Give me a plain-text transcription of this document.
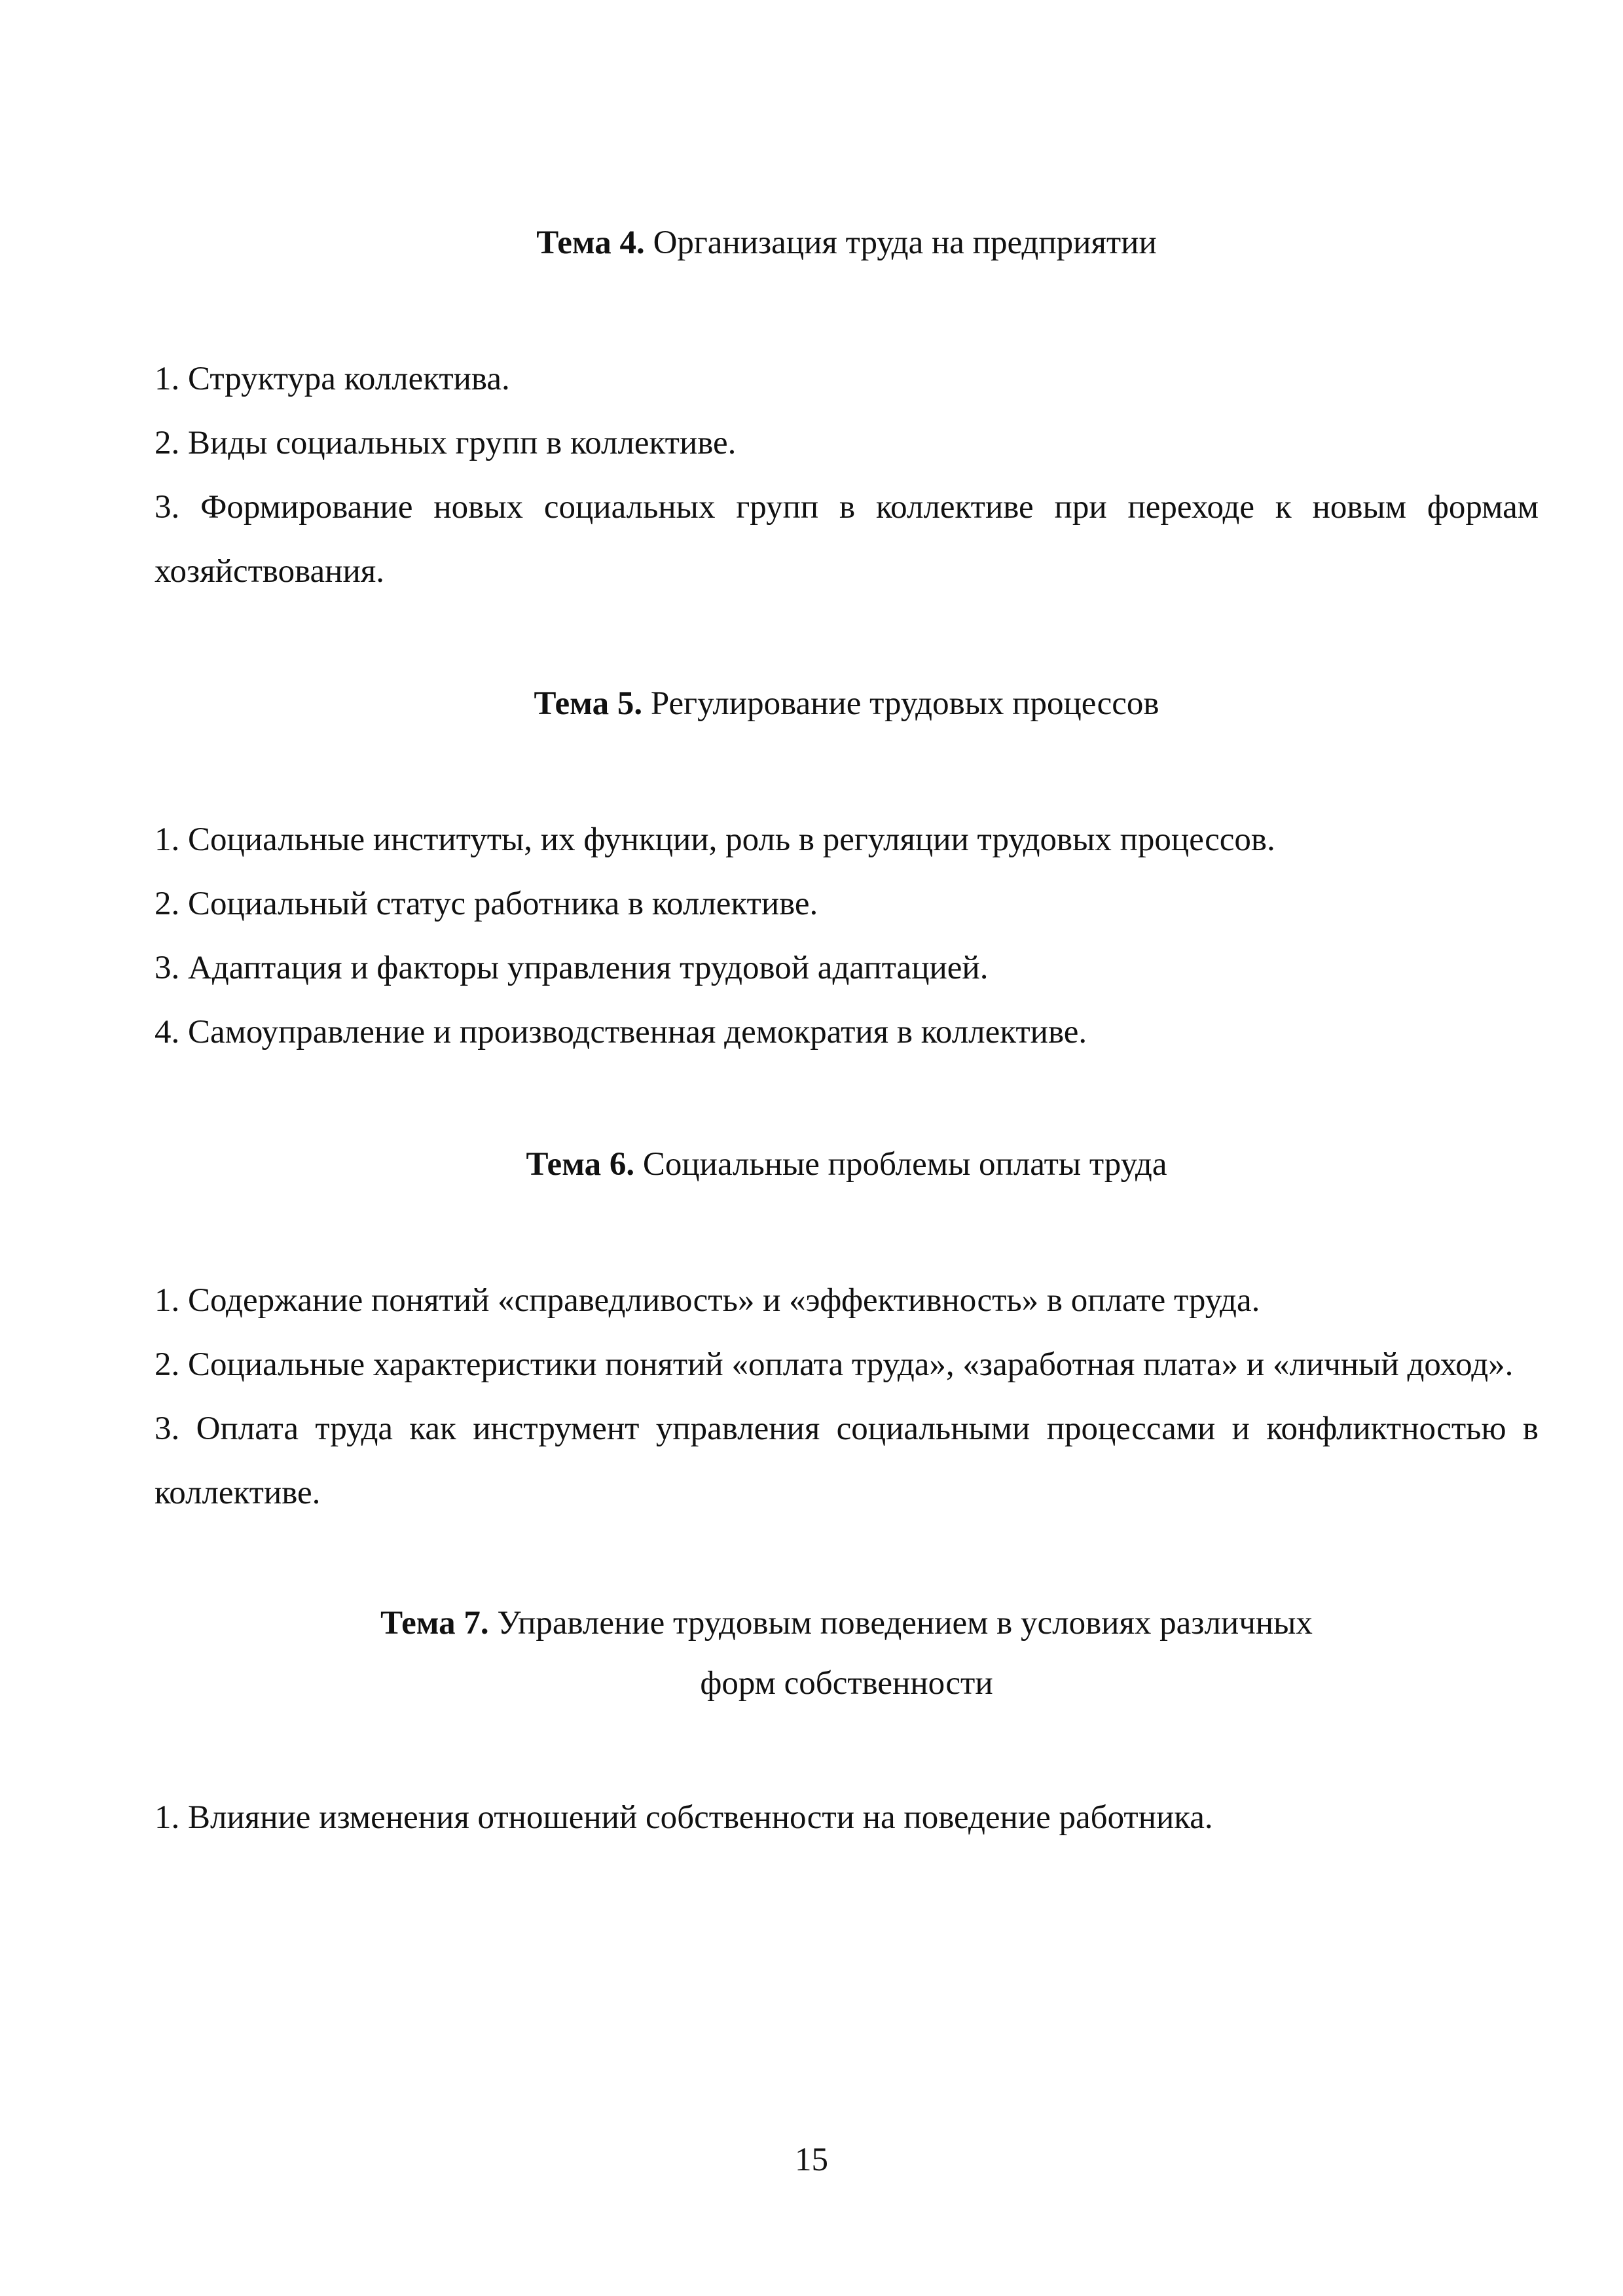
Тема 4. Организация труда на предприятии

1. Структура коллектива.

2. Виды социальных групп в коллективе.

3. Формирование новых социальных групп в коллективе при переходе к новым формам хозяйствования.

Тема 5. Регулирование трудовых процессов

1. Социальные институты, их функции, роль в регуляции трудовых процессов.

2. Социальный статус работника в коллективе.

3. Адаптация и факторы управления трудовой адаптацией.

4. Самоуправление и производственная демократия в коллективе.

Тема 6. Социальные проблемы оплаты труда

1. Содержание понятий «справедливость» и «эффективность» в оплате труда.

2. Социальные характеристики понятий «оплата труда», «заработная плата» и «личный доход».

3. Оплата труда как инструмент управления социальными процессами и конфликтностью в коллективе.

Тема 7. Управление трудовым поведением в условиях различных
форм собственности

1. Влияние изменения отношений собственности на поведение работника.

15
